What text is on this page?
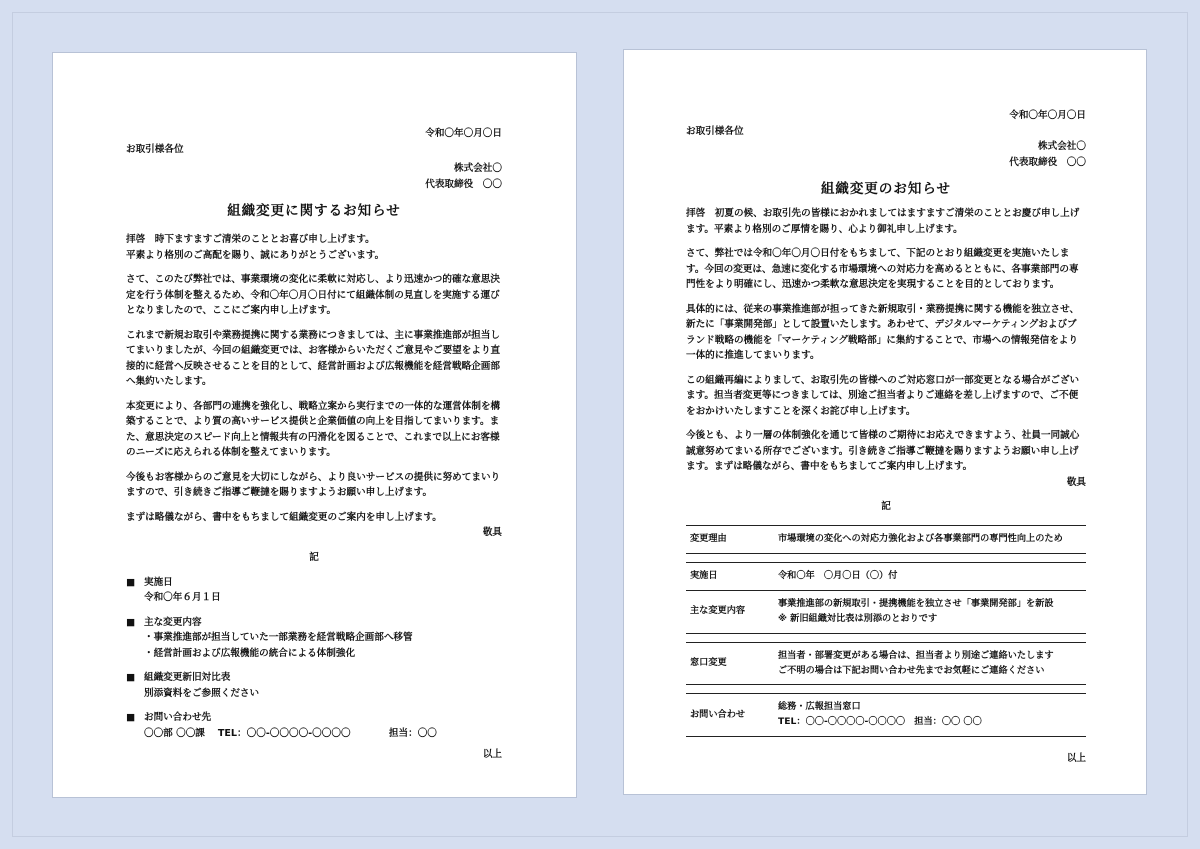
令和〇年〇月〇日

お取引様各位

株式会社〇

代表取締役　〇〇

組織変更に関するお知らせ

拝啓　時下ますますご清栄のこととお喜び申し上げます。
平素より格別のご高配を賜り、誠にありがとうございます。

さて、このたび弊社では、事業環境の変化に柔軟に対応し、より迅速かつ的確な意思決定を行う体制を整えるため、令和〇年〇月〇日付にて組織体制の見直しを実施する運びとなりましたので、ここにご案内申し上げます。

これまで新規お取引や業務提携に関する業務につきましては、主に事業推進部が担当してまいりましたが、今回の組織変更では、お客様からいただくご意見やご要望をより直接的に経営へ反映させることを目的として、経営計画および広報機能を経営戦略企画部へ集約いたします。

本変更により、各部門の連携を強化し、戦略立案から実行までの一体的な運営体制を構築することで、より質の高いサービス提供と企業価値の向上を目指してまいります。また、意思決定のスピード向上と情報共有の円滑化を図ることで、これまで以上にお客様のニーズに応えられる体制を整えてまいります。

今後もお客様からのご意見を大切にしながら、より良いサービスの提供に努めてまいりますので、引き続きご指導ご鞭撻を賜りますようお願い申し上げます。

まずは略儀ながら、書中をもちまして組織変更のご案内を申し上げます。

敬具

記

■ 実施日

令和〇年６月１日

■ 主な変更内容

・事業推進部が担当していた一部業務を経営戦略企画部へ移管

・経営計画および広報機能の統合による体制強化

■ 組織変更新旧対比表

別添資料をご参照ください

■ お問い合わせ先

〇〇部 〇〇課　 TEL：〇〇-〇〇〇〇-〇〇〇〇　　　　担当：〇〇

以上

令和〇年〇月〇日

お取引様各位

株式会社〇

代表取締役　〇〇

組織変更のお知らせ

拝啓　初夏の候、お取引先の皆様におかれましてはますますご清栄のこととお慶び申し上げます。平素より格別のご厚情を賜り、心より御礼申し上げます。

さて、弊社では令和〇年〇月〇日付をもちまして、下記のとおり組織変更を実施いたします。今回の変更は、急速に変化する市場環境への対応力を高めるとともに、各事業部門の専門性をより明確にし、迅速かつ柔軟な意思決定を実現することを目的としております。

具体的には、従来の事業推進部が担ってきた新規取引・業務提携に関する機能を独立させ、新たに「事業開発部」として設置いたします。あわせて、デジタルマーケティングおよびブランド戦略の機能を「マーケティング戦略部」に集約することで、市場への情報発信をより一体的に推進してまいります。

この組織再編によりまして、お取引先の皆様へのご対応窓口が一部変更となる場合がございます。担当者変更等につきましては、別途ご担当者よりご連絡を差し上げますので、ご不便をおかけいたしますことを深くお詫び申し上げます。

今後とも、より一層の体制強化を通じて皆様のご期待にお応えできますよう、社員一同誠心誠意努めてまいる所存でございます。引き続きご指導ご鞭撻を賜りますようお願い申し上げます。まずは略儀ながら、書中をもちましてご案内申し上げます。

敬具

記

変更理由	市場環境の変化への対応力強化および各事業部門の専門性向上のため

実施日	令和〇年　〇月〇日（〇）付

主な変更内容	事業推進部の新規取引・提携機能を独立させ「事業開発部」を新設
※ 新旧組織対比表は別添のとおりです

窓口変更	担当者・部署変更がある場合は、担当者より別途ご連絡いたします
ご不明の場合は下記お問い合わせ先までお気軽にご連絡ください

お問い合わせ	総務・広報担当窓口
TEL：〇〇-〇〇〇〇-〇〇〇〇　担当：〇〇 〇〇

以上
